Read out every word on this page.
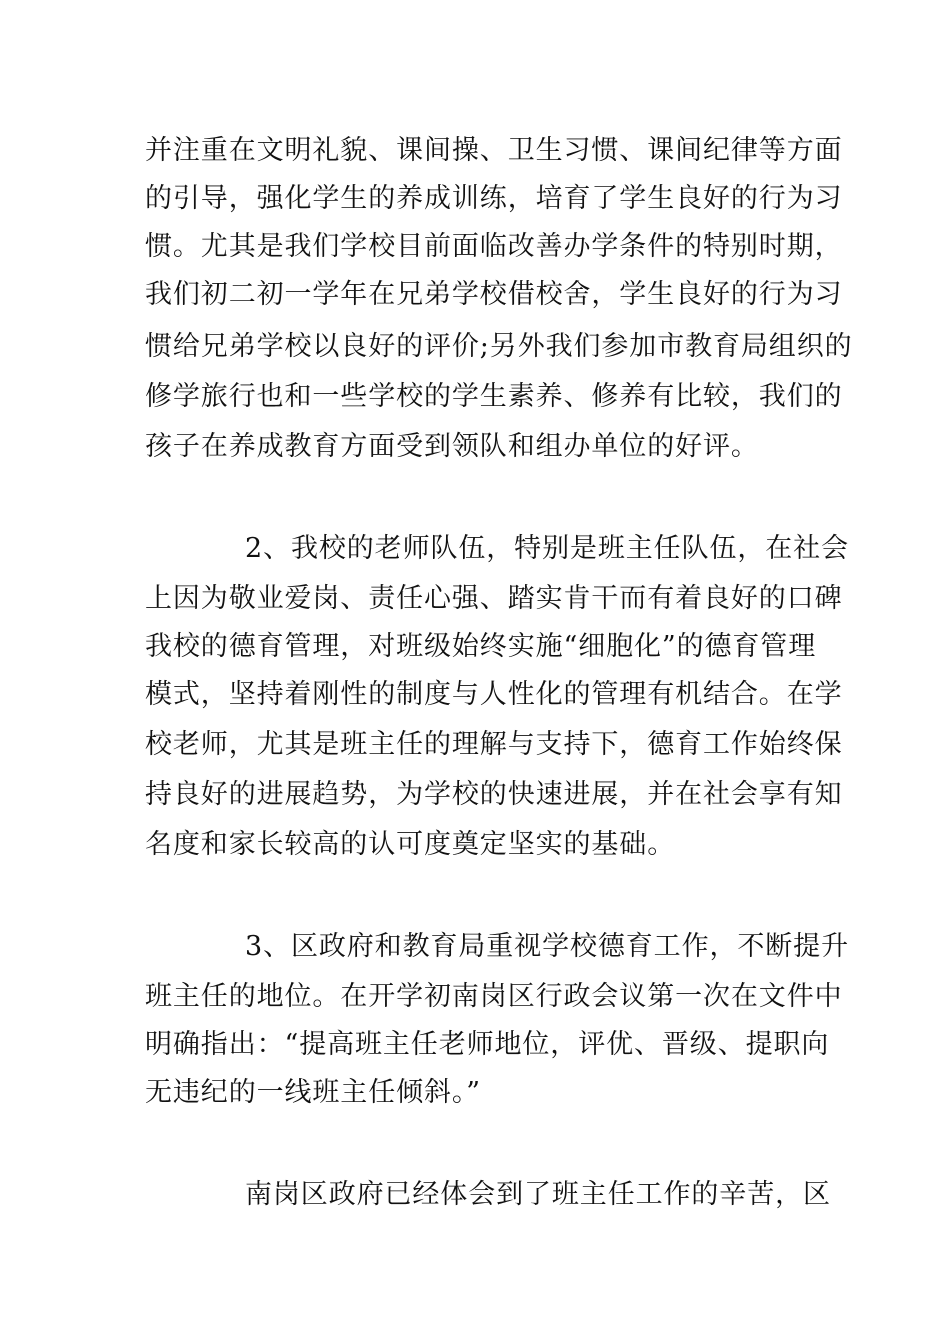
并注重在文明礼貌、课间操、卫生习惯、课间纪律等方面
的引导，强化学生的养成训练，培育了学生良好的行为习
惯。尤其是我们学校目前面临改善办学条件的特别时期，
我们初二初一学年在兄弟学校借校舍，学生良好的行为习
惯给兄弟学校以良好的评价;另外我们参加市教育局组织的
修学旅行也和一些学校的学生素养、修养有比较，我们的
孩子在养成教育方面受到领队和组办单位的好评。
2、我校的老师队伍，特别是班主任队伍，在社会
上因为敬业爱岗、责任心强、踏实肯干而有着良好的口碑
我校的德育管理，对班级始终实施“细胞化”的德育管理
模式，坚持着刚性的制度与人性化的管理有机结合。在学
校老师，尤其是班主任的理解与支持下，德育工作始终保
持良好的进展趋势，为学校的快速进展，并在社会享有知
名度和家长较高的认可度奠定坚实的基础。
3、区政府和教育局重视学校德育工作，不断提升
班主任的地位。在开学初南岗区行政会议第一次在文件中
明确指出：“提高班主任老师地位，评优、晋级、提职向
无违纪的一线班主任倾斜。”
南岗区政府已经体会到了班主任工作的辛苦，区
